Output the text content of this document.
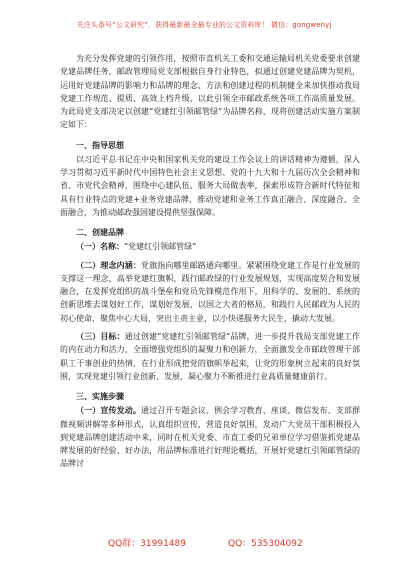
关注头条号“公文研究”，获得最新最全最专业的公文资料库！ 微信：gongwenyj

为充分发挥党建的引领作用，按照市直机关工委和交通运输局机关党委要求创建党建品牌任务，邮政管理局党支部根据自身行业特色，拟通过创建党建品牌为契机，运用好党建品牌的影响力和品牌的理念、方法和创建过程的机制健全来加快推动我局党建工作规范、提质、高效上档升级，以此引领全市邮政系统各项工作高质量发展。为此局党支部决定以创建“党建红引领邮管绿”为品牌名称，现将创建活动实施方案制定如下：

一、指导思想

以习近平总书记在中央和国家机关党的建设工作会议上的讲话精神为遵循，深入学习贯彻习近平新时代中国特色社会主义思想、党的十九大和十九届历次全会精神和省、市党代会精神，围绕中心建队伍、服务大局做表率，探索形成符合新时代特征和具有行业特点的党建+业务党建品牌，推动党建和业务工作真正融合、深度融合、全面融合，为推动邮政强国建设提供坚强保障。

二、创建品牌

（一）名称：“党建红引领邮管绿”

（二）理念内涵：党旗指向哪里邮路通向哪里。紧紧围绕党建工作是行业发展的支撑这一理念，高举党建红旗帜，践行邮政绿的行业发展规划，实现高度契合和发展融合，在发挥党组织的战斗堡垒和党员先锋模范作用下，用科学的、发展的、系统的创新思维去谋划好工作，谋划好发展，以国之大者的格局，和践行人民邮政为人民的初心使命，聚焦中心大局，突出主责主业，以小快递服务大民生，撬动大发展。

（三）目标：通过创建“党建红引领邮管绿”品牌，进一步提升我局支部党建工作的内在动力和活力，全面增强党组织的凝聚力和创新力，全面激发全市邮政管理干部职工干事创业的热情，在行业形成把党的旗帜举起来，让党的形象树立起来的良好氛围，实现党建引领行业创新、发展，凝心聚力不断推进行业高质量健康前行。

三、实施步骤

（一）宣传发动。通过召开专题会议、例会学习教育、座谈、微信发布、支部群微视频讲解等多种形式，认真组织宣传，营造良好氛围，发动广大党员干部积极投入到党建品牌创建活动中来，同时在机关党委、市直工委的兄弟单位学习借鉴抓党建品牌发展的好经验、好办法，用品牌标准进行好理论概括，开展好党建红引领邮管绿的品牌讨

QQ群：31991489	QQ：535304092
